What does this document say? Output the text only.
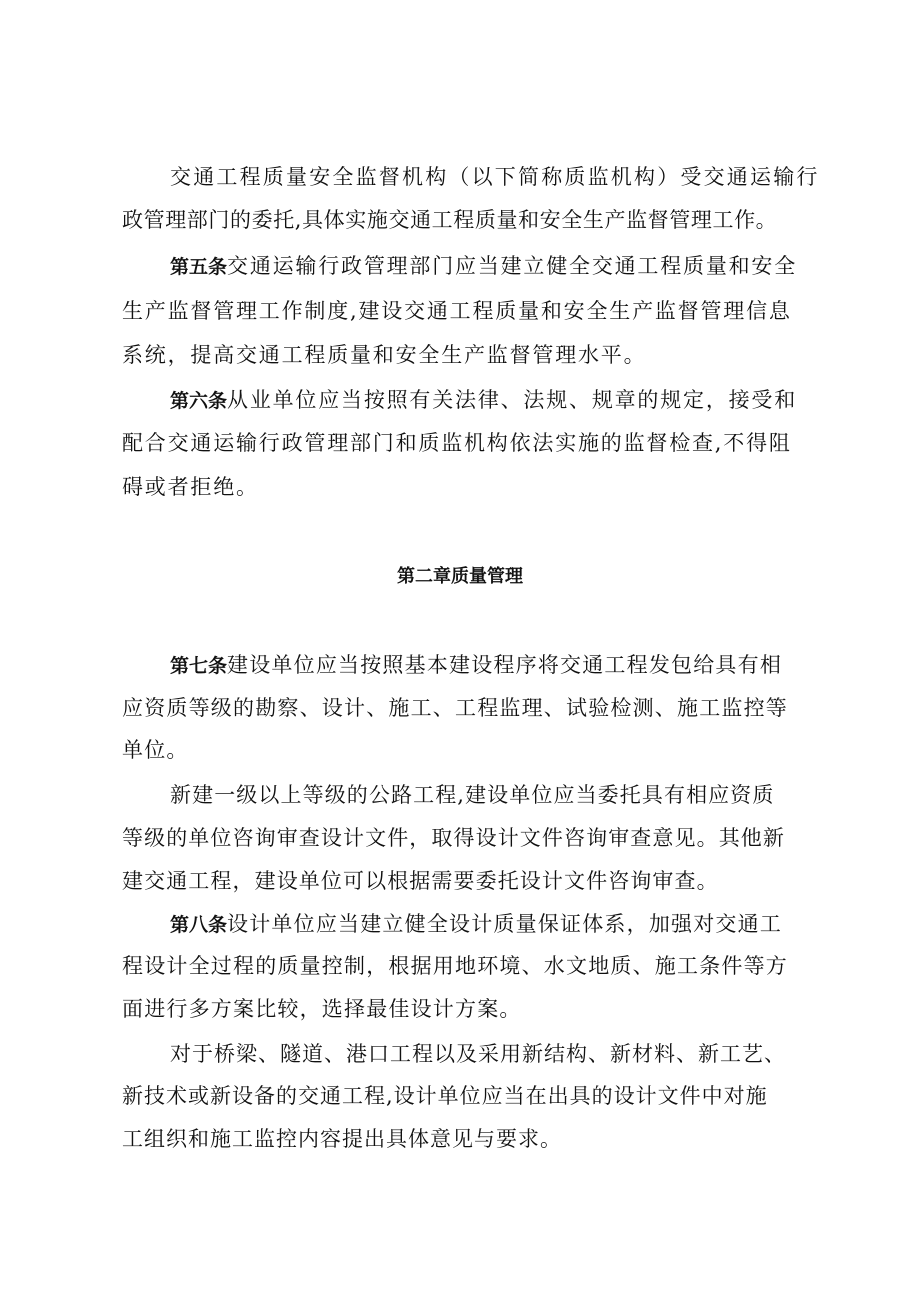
交通工程质量安全监督机构（以下简称质监机构）受交通运输行
政管理部门的委托,具体实施交通工程质量和安全生产监督管理工作。
第五条交通运输行政管理部门应当建立健全交通工程质量和安全
生产监督管理工作制度,建设交通工程质量和安全生产监督管理信息
系统，提高交通工程质量和安全生产监督管理水平。
第六条从业单位应当按照有关法律、法规、规章的规定，接受和
配合交通运输行政管理部门和质监机构依法实施的监督检查,不得阻
碍或者拒绝。
第二章质量管理
第七条建设单位应当按照基本建设程序将交通工程发包给具有相
应资质等级的勘察、设计、施工、工程监理、试验检测、施工监控等
单位。
新建一级以上等级的公路工程,建设单位应当委托具有相应资质
等级的单位咨询审查设计文件，取得设计文件咨询审查意见。其他新
建交通工程，建设单位可以根据需要委托设计文件咨询审查。
第八条设计单位应当建立健全设计质量保证体系，加强对交通工
程设计全过程的质量控制，根据用地环境、水文地质、施工条件等方
面进行多方案比较，选择最佳设计方案。
对于桥梁、隧道、港口工程以及采用新结构、新材料、新工艺、
新技术或新设备的交通工程,设计单位应当在出具的设计文件中对施
工组织和施工监控内容提出具体意见与要求。
